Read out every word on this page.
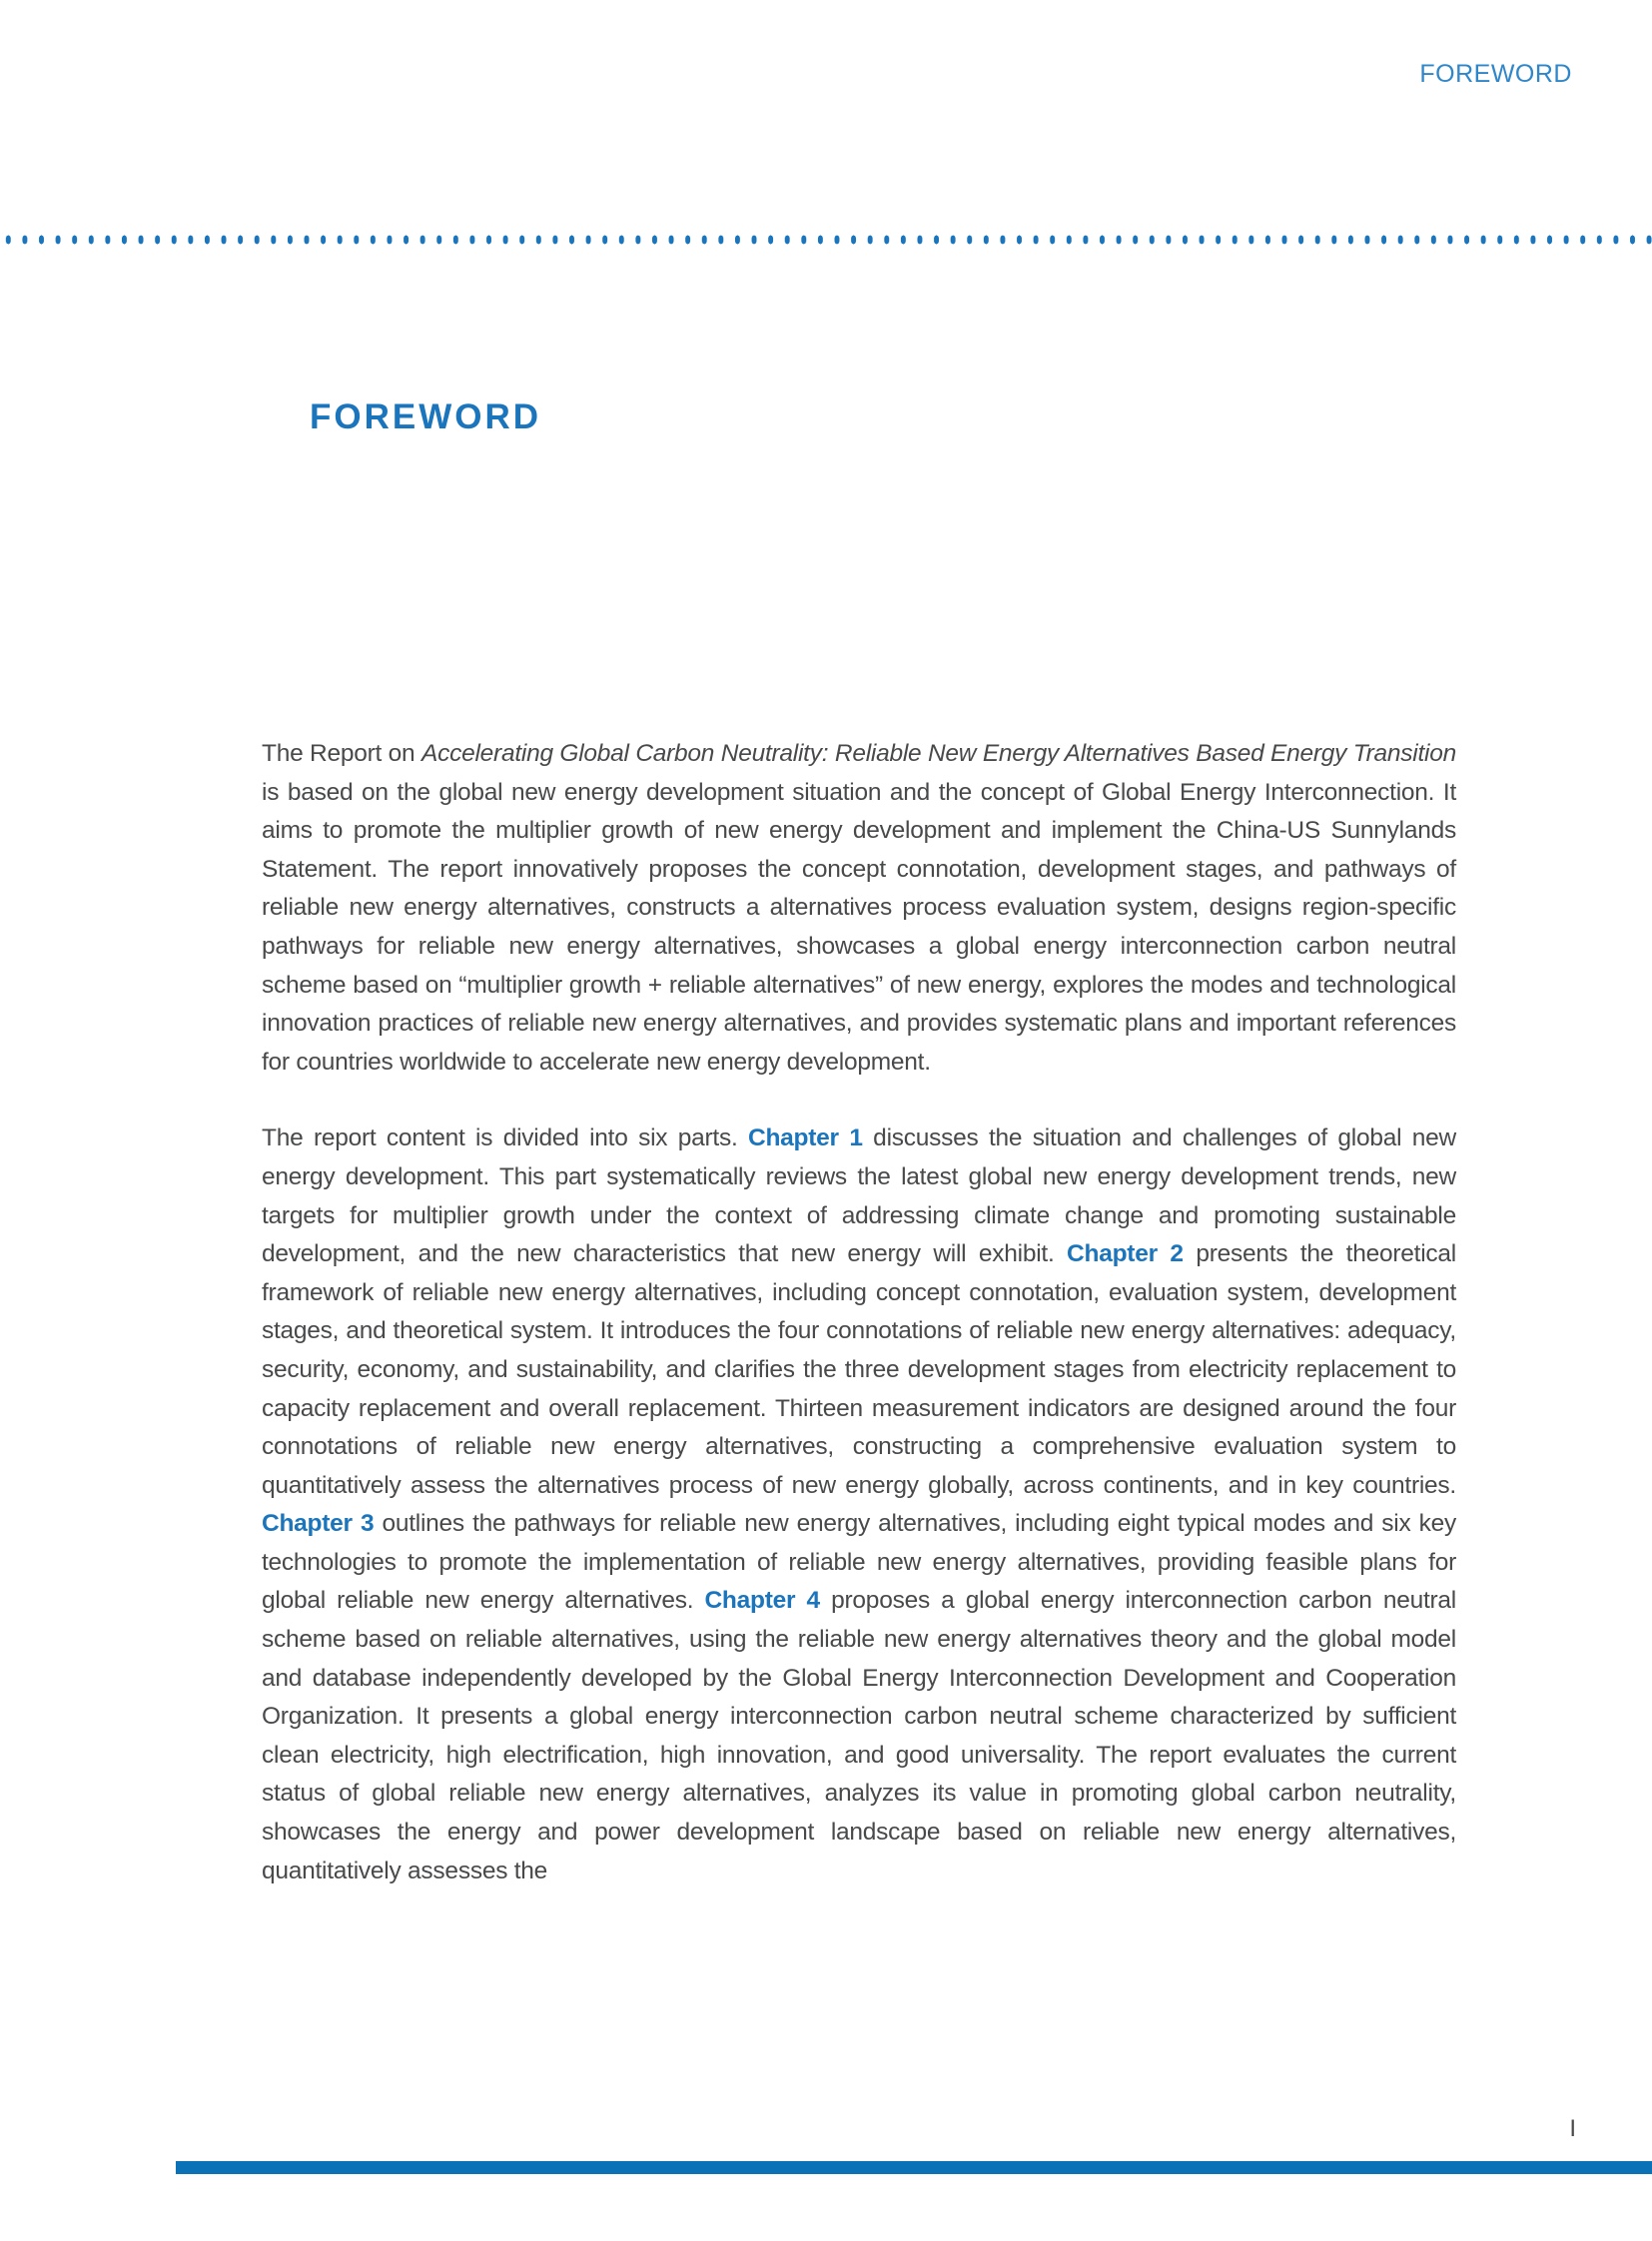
FOREWORD
FOREWORD

The Report on Accelerating Global Carbon Neutrality: Reliable New Energy Alternatives Based Energy Transition is based on the global new energy development situation and the concept of Global Energy Interconnection. It aims to promote the multiplier growth of new energy development and implement the China-US Sunnylands Statement. The report innovatively proposes the concept connotation, development stages, and pathways of reliable new energy alternatives, constructs a alternatives process evaluation system, designs region-specific pathways for reliable new energy alternatives, showcases a global energy interconnection carbon neutral scheme based on “multiplier growth + reliable alternatives” of new energy, explores the modes and technological innovation practices of reliable new energy alternatives, and provides systematic plans and important references for countries worldwide to accelerate new energy development.

The report content is divided into six parts. Chapter 1 discusses the situation and challenges of global new energy development. This part systematically reviews the latest global new energy development trends, new targets for multiplier growth under the context of addressing climate change and promoting sustainable development, and the new characteristics that new energy will exhibit. Chapter 2 presents the theoretical framework of reliable new energy alternatives, including concept connotation, evaluation system, development stages, and theoretical system. It introduces the four connotations of reliable new energy alternatives: adequacy, security, economy, and sustainability, and clarifies the three development stages from electricity replacement to capacity replacement and overall replacement. Thirteen measurement indicators are designed around the four connotations of reliable new energy alternatives, constructing a comprehensive evaluation system to quantitatively assess the alternatives process of new energy globally, across continents, and in key countries. Chapter 3 outlines the pathways for reliable new energy alternatives, including eight typical modes and six key technologies to promote the implementation of reliable new energy alternatives, providing feasible plans for global reliable new energy alternatives. Chapter 4 proposes a global energy interconnection carbon neutral scheme based on reliable alternatives, using the reliable new energy alternatives theory and the global model and database independently developed by the Global Energy Interconnection Development and Cooperation Organization. It presents a global energy interconnection carbon neutral scheme characterized by sufficient clean electricity, high electrification, high innovation, and good universality. The report evaluates the current status of global reliable new energy alternatives, analyzes its value in promoting global carbon neutrality, showcases the energy and power development landscape based on reliable new energy alternatives, quantitatively assesses the

I
